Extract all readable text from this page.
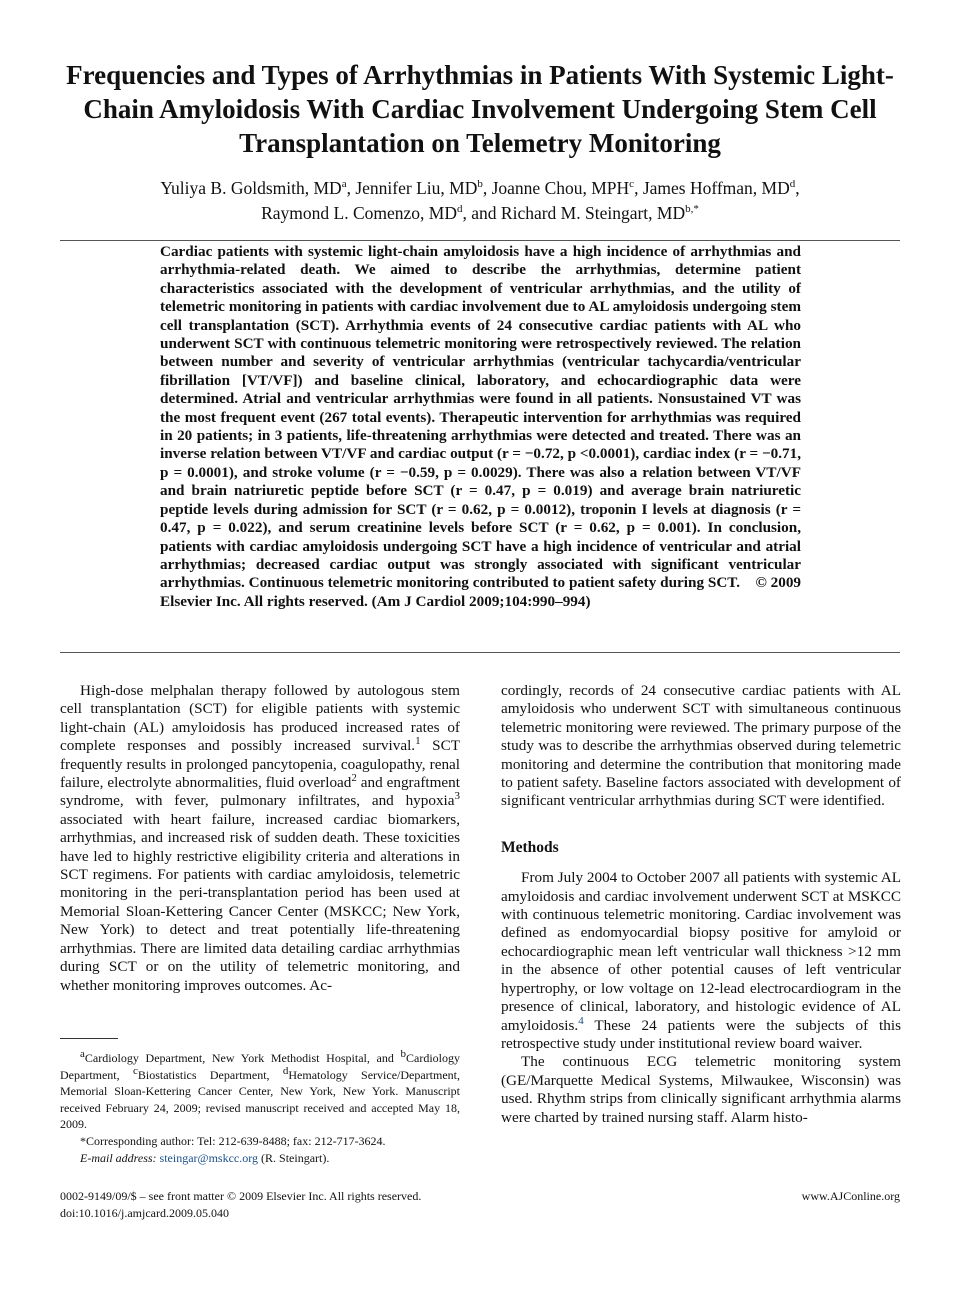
Frequencies and Types of Arrhythmias in Patients With Systemic Light-Chain Amyloidosis With Cardiac Involvement Undergoing Stem Cell Transplantation on Telemetry Monitoring
Yuliya B. Goldsmith, $MD^a$, Jennifer Liu, $MD^b$, Joanne Chou, MPH$^c$, James Hoffman, $MD^d$,
Raymond L. Comenzo, $MD^d$, and Richard M. Steingart, $MD^{b,*}$
Cardiac patients with systemic light-chain amyloidosis have a high incidence of arrhythmias and arrhythmia-related death. We aimed to describe the arrhythmias, determine patient characteristics associated with the development of ventricular arrhythmias, and the utility of telemetric monitoring in patients with cardiac involvement due to AL amyloidosis undergoing stem cell transplantation (SCT). Arrhythmia events of 24 consecutive cardiac patients with AL who underwent SCT with continuous telemetric monitoring were retrospectively reviewed. The relation between number and severity of ventricular arrhythmias (ventricular tachycardia/ventricular fibrillation [VT/VF]) and baseline clinical, laboratory, and echocardiographic data were determined. Atrial and ventricular arrhythmias were found in all patients. Nonsustained VT was the most frequent event (267 total events). Therapeutic intervention for arrhythmias was required in 20 patients; in 3 patients, life-threatening arrhythmias were detected and treated. There was an inverse relation between VT/VF and cardiac output (r = −0.72, p <0.0001), cardiac index (r = −0.71, p = 0.0001), and stroke volume (r = −0.59, p = 0.0029). There was also a relation between VT/VF and brain natriuretic peptide before SCT (r = 0.47, p = 0.019) and average brain natriuretic peptide levels during admission for SCT (r = 0.62, p = 0.0012), troponin I levels at diagnosis (r = 0.47, p = 0.022), and serum creatinine levels before SCT (r = 0.62, p = 0.001). In conclusion, patients with cardiac amyloidosis undergoing SCT have a high incidence of ventricular and atrial arrhythmias; decreased cardiac output was strongly associated with significant ventricular arrhythmias. Continuous telemetric monitoring contributed to patient safety during SCT. © 2009 Elsevier Inc. All rights reserved. (Am J Cardiol 2009;104:990–994)

High-dose melphalan therapy followed by autologous stem cell transplantation (SCT) for eligible patients with systemic light-chain (AL) amyloidosis has produced increased rates of complete responses and possibly increased survival.$^1$ SCT frequently results in prolonged pancytopenia, coagulopathy, renal failure, electrolyte abnormalities, fluid overload$^2$ and engraftment syndrome, with fever, pulmonary infiltrates, and hypoxia$^3$ associated with heart failure, increased cardiac biomarkers, arrhythmias, and increased risk of sudden death. These toxicities have led to highly restrictive eligibility criteria and alterations in SCT regimens. For patients with cardiac amyloidosis, telemetric monitoring in the peri-transplantation period has been used at Memorial Sloan-Kettering Cancer Center (MSKCC; New York, New York) to detect and treat potentially life-threatening arrhythmias. There are limited data detailing cardiac arrhythmias during SCT or on the utility of telemetric monitoring, and whether monitoring improves outcomes. Ac-

cordingly, records of 24 consecutive cardiac patients with AL amyloidosis who underwent SCT with simultaneous continuous telemetric monitoring were reviewed. The primary purpose of the study was to describe the arrhythmias observed during telemetric monitoring and determine the contribution that monitoring made to patient safety. Baseline factors associated with development of significant ventricular arrhythmias during SCT were identified.

Methods

From July 2004 to October 2007 all patients with systemic AL amyloidosis and cardiac involvement underwent SCT at MSKCC with continuous telemetric monitoring. Cardiac involvement was defined as endomyocardial biopsy positive for amyloid or echocardiographic mean left ventricular wall thickness >12 mm in the absence of other potential causes of left ventricular hypertrophy, or low voltage on 12-lead electrocardiogram in the presence of clinical, laboratory, and histologic evidence of AL amyloidosis.$^4$ These 24 patients were the subjects of this retrospective study under institutional review board waiver.

The continuous ECG telemetric monitoring system (GE/Marquette Medical Systems, Milwaukee, Wisconsin) was used. Rhythm strips from clinically significant arrhythmia alarms were charted by trained nursing staff. Alarm histo-

$^a$Cardiology Department, New York Methodist Hospital, and $^b$Cardiology Department, $^c$Biostatistics Department, $^d$Hematology Service/Department, Memorial Sloan-Kettering Cancer Center, New York, New York. Manuscript received February 24, 2009; revised manuscript received and accepted May 18, 2009.

*Corresponding author: Tel: 212-639-8488; fax: 212-717-3624.

E-mail address: steingar@mskcc.org (R. Steingart).

0002-9149/09/$ – see front matter © 2009 Elsevier Inc. All rights reserved.
doi:10.1016/j.amjcard.2009.05.040
www.AJConline.org
